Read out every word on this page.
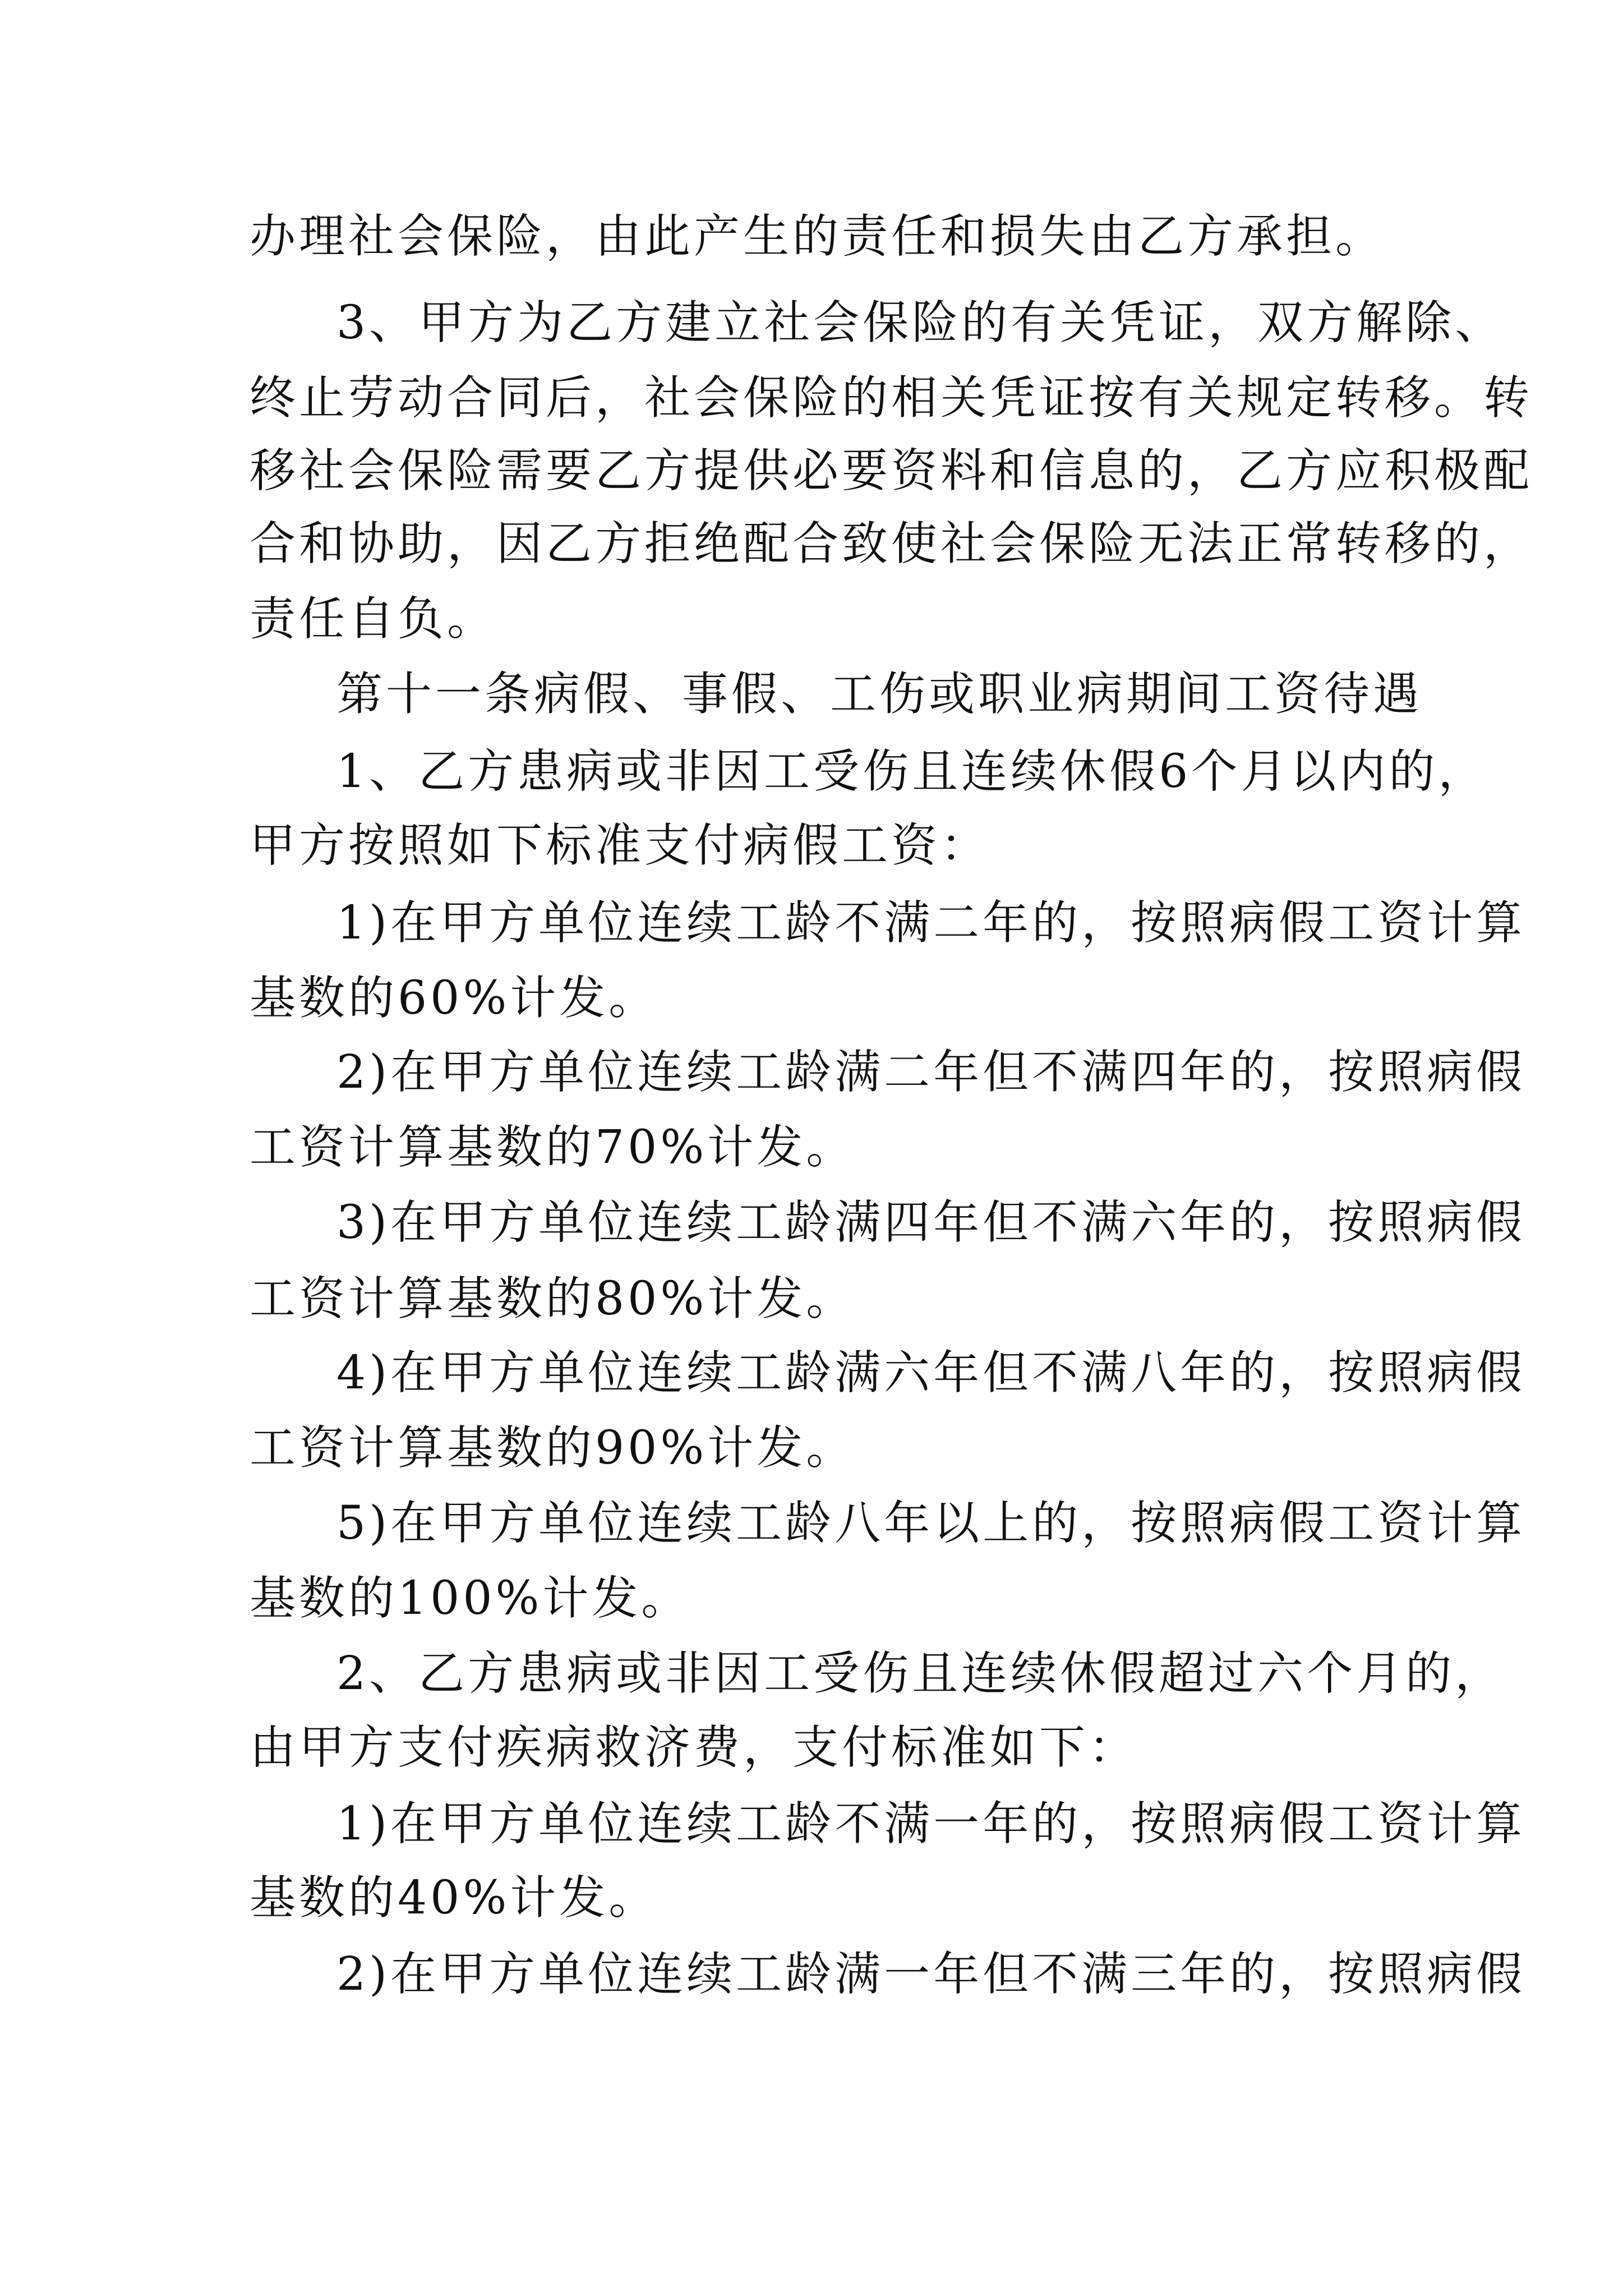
办理社会保险，由此产生的责任和损失由乙方承担。
3、甲方为乙方建立社会保险的有关凭证，双方解除、
终止劳动合同后，社会保险的相关凭证按有关规定转移。转
移社会保险需要乙方提供必要资料和信息的，乙方应积极配
合和协助，因乙方拒绝配合致使社会保险无法正常转移的，
责任自负。
第十一条病假、事假、工伤或职业病期间工资待遇
1、乙方患病或非因工受伤且连续休假6个月以内的，
甲方按照如下标准支付病假工资：
1)在甲方单位连续工龄不满二年的，按照病假工资计算
基数的60%计发。
2)在甲方单位连续工龄满二年但不满四年的，按照病假
工资计算基数的70%计发。
3)在甲方单位连续工龄满四年但不满六年的，按照病假
工资计算基数的80%计发。
4)在甲方单位连续工龄满六年但不满八年的，按照病假
工资计算基数的90%计发。
5)在甲方单位连续工龄八年以上的，按照病假工资计算
基数的100%计发。
2、乙方患病或非因工受伤且连续休假超过六个月的，
由甲方支付疾病救济费，支付标准如下：
1)在甲方单位连续工龄不满一年的，按照病假工资计算
基数的40%计发。
2)在甲方单位连续工龄满一年但不满三年的，按照病假
